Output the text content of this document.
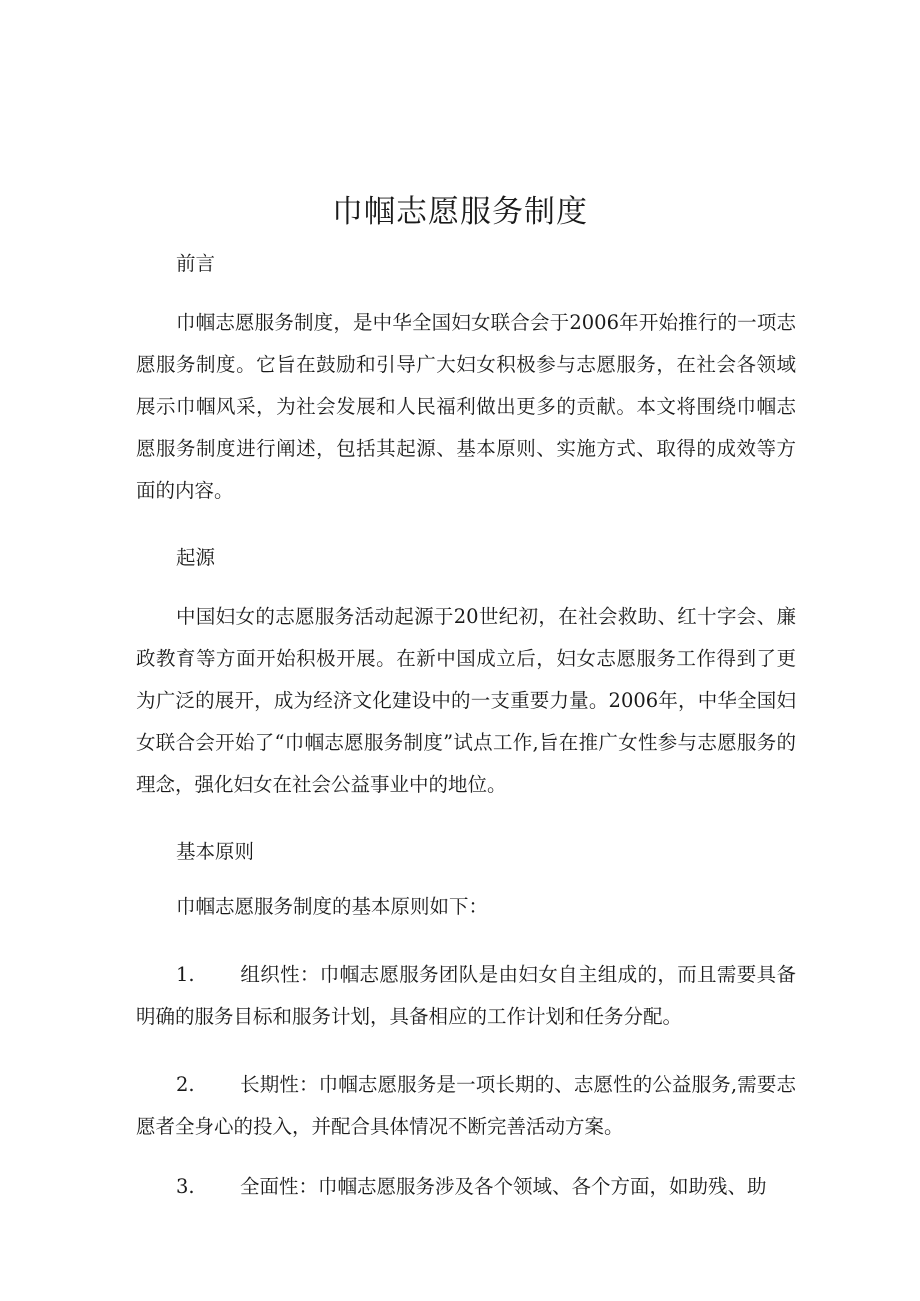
巾帼志愿服务制度

前言

巾帼志愿服务制度，是中华全国妇女联合会于2006年开始推行的一项志愿服务制度。它旨在鼓励和引导广大妇女积极参与志愿服务，在社会各领域展示巾帼风采，为社会发展和人民福利做出更多的贡献。本文将围绕巾帼志愿服务制度进行阐述，包括其起源、基本原则、实施方式、取得的成效等方面的内容。

起源

中国妇女的志愿服务活动起源于20世纪初，在社会救助、红十字会、廉政教育等方面开始积极开展。在新中国成立后，妇女志愿服务工作得到了更为广泛的展开，成为经济文化建设中的一支重要力量。2006年，中华全国妇女联合会开始了“巾帼志愿服务制度”试点工作,旨在推广女性参与志愿服务的理念，强化妇女在社会公益事业中的地位。

基本原则

巾帼志愿服务制度的基本原则如下：

1. 组织性：巾帼志愿服务团队是由妇女自主组成的，而且需要具备明确的服务目标和服务计划，具备相应的工作计划和任务分配。

2. 长期性：巾帼志愿服务是一项长期的、志愿性的公益服务,需要志愿者全身心的投入，并配合具体情况不断完善活动方案。

3. 全面性：巾帼志愿服务涉及各个领域、各个方面，如助残、助
